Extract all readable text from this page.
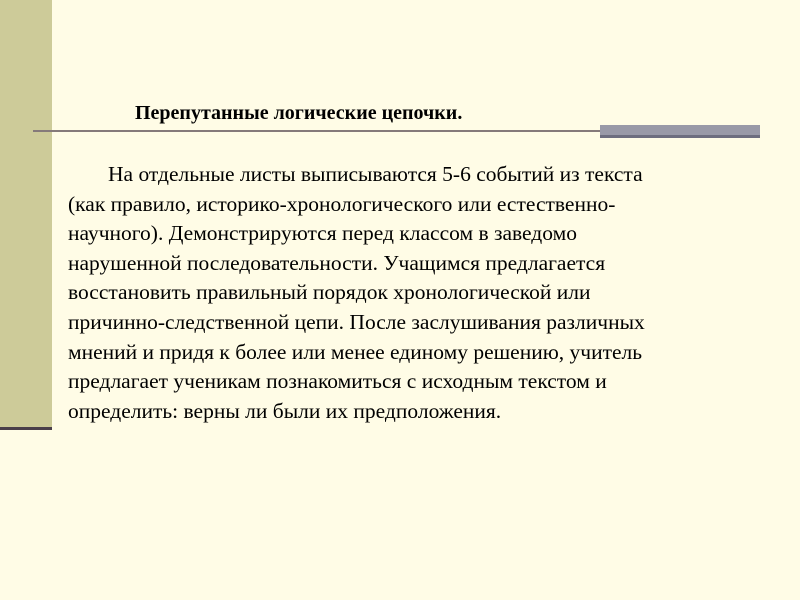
Перепутанные логические цепочки.
На отдельные листы выписываются 5-6 событий из текста
(как правило, историко-хронологического или естественно-
научного). Демонстрируются перед классом в заведомо
нарушенной последовательности. Учащимся предлагается
восстановить правильный порядок хронологической или
причинно-следственной цепи. После заслушивания различных
мнений и придя к более или менее единому решению, учитель
предлагает ученикам познакомиться с исходным текстом и
определить: верны ли были их предположения.
